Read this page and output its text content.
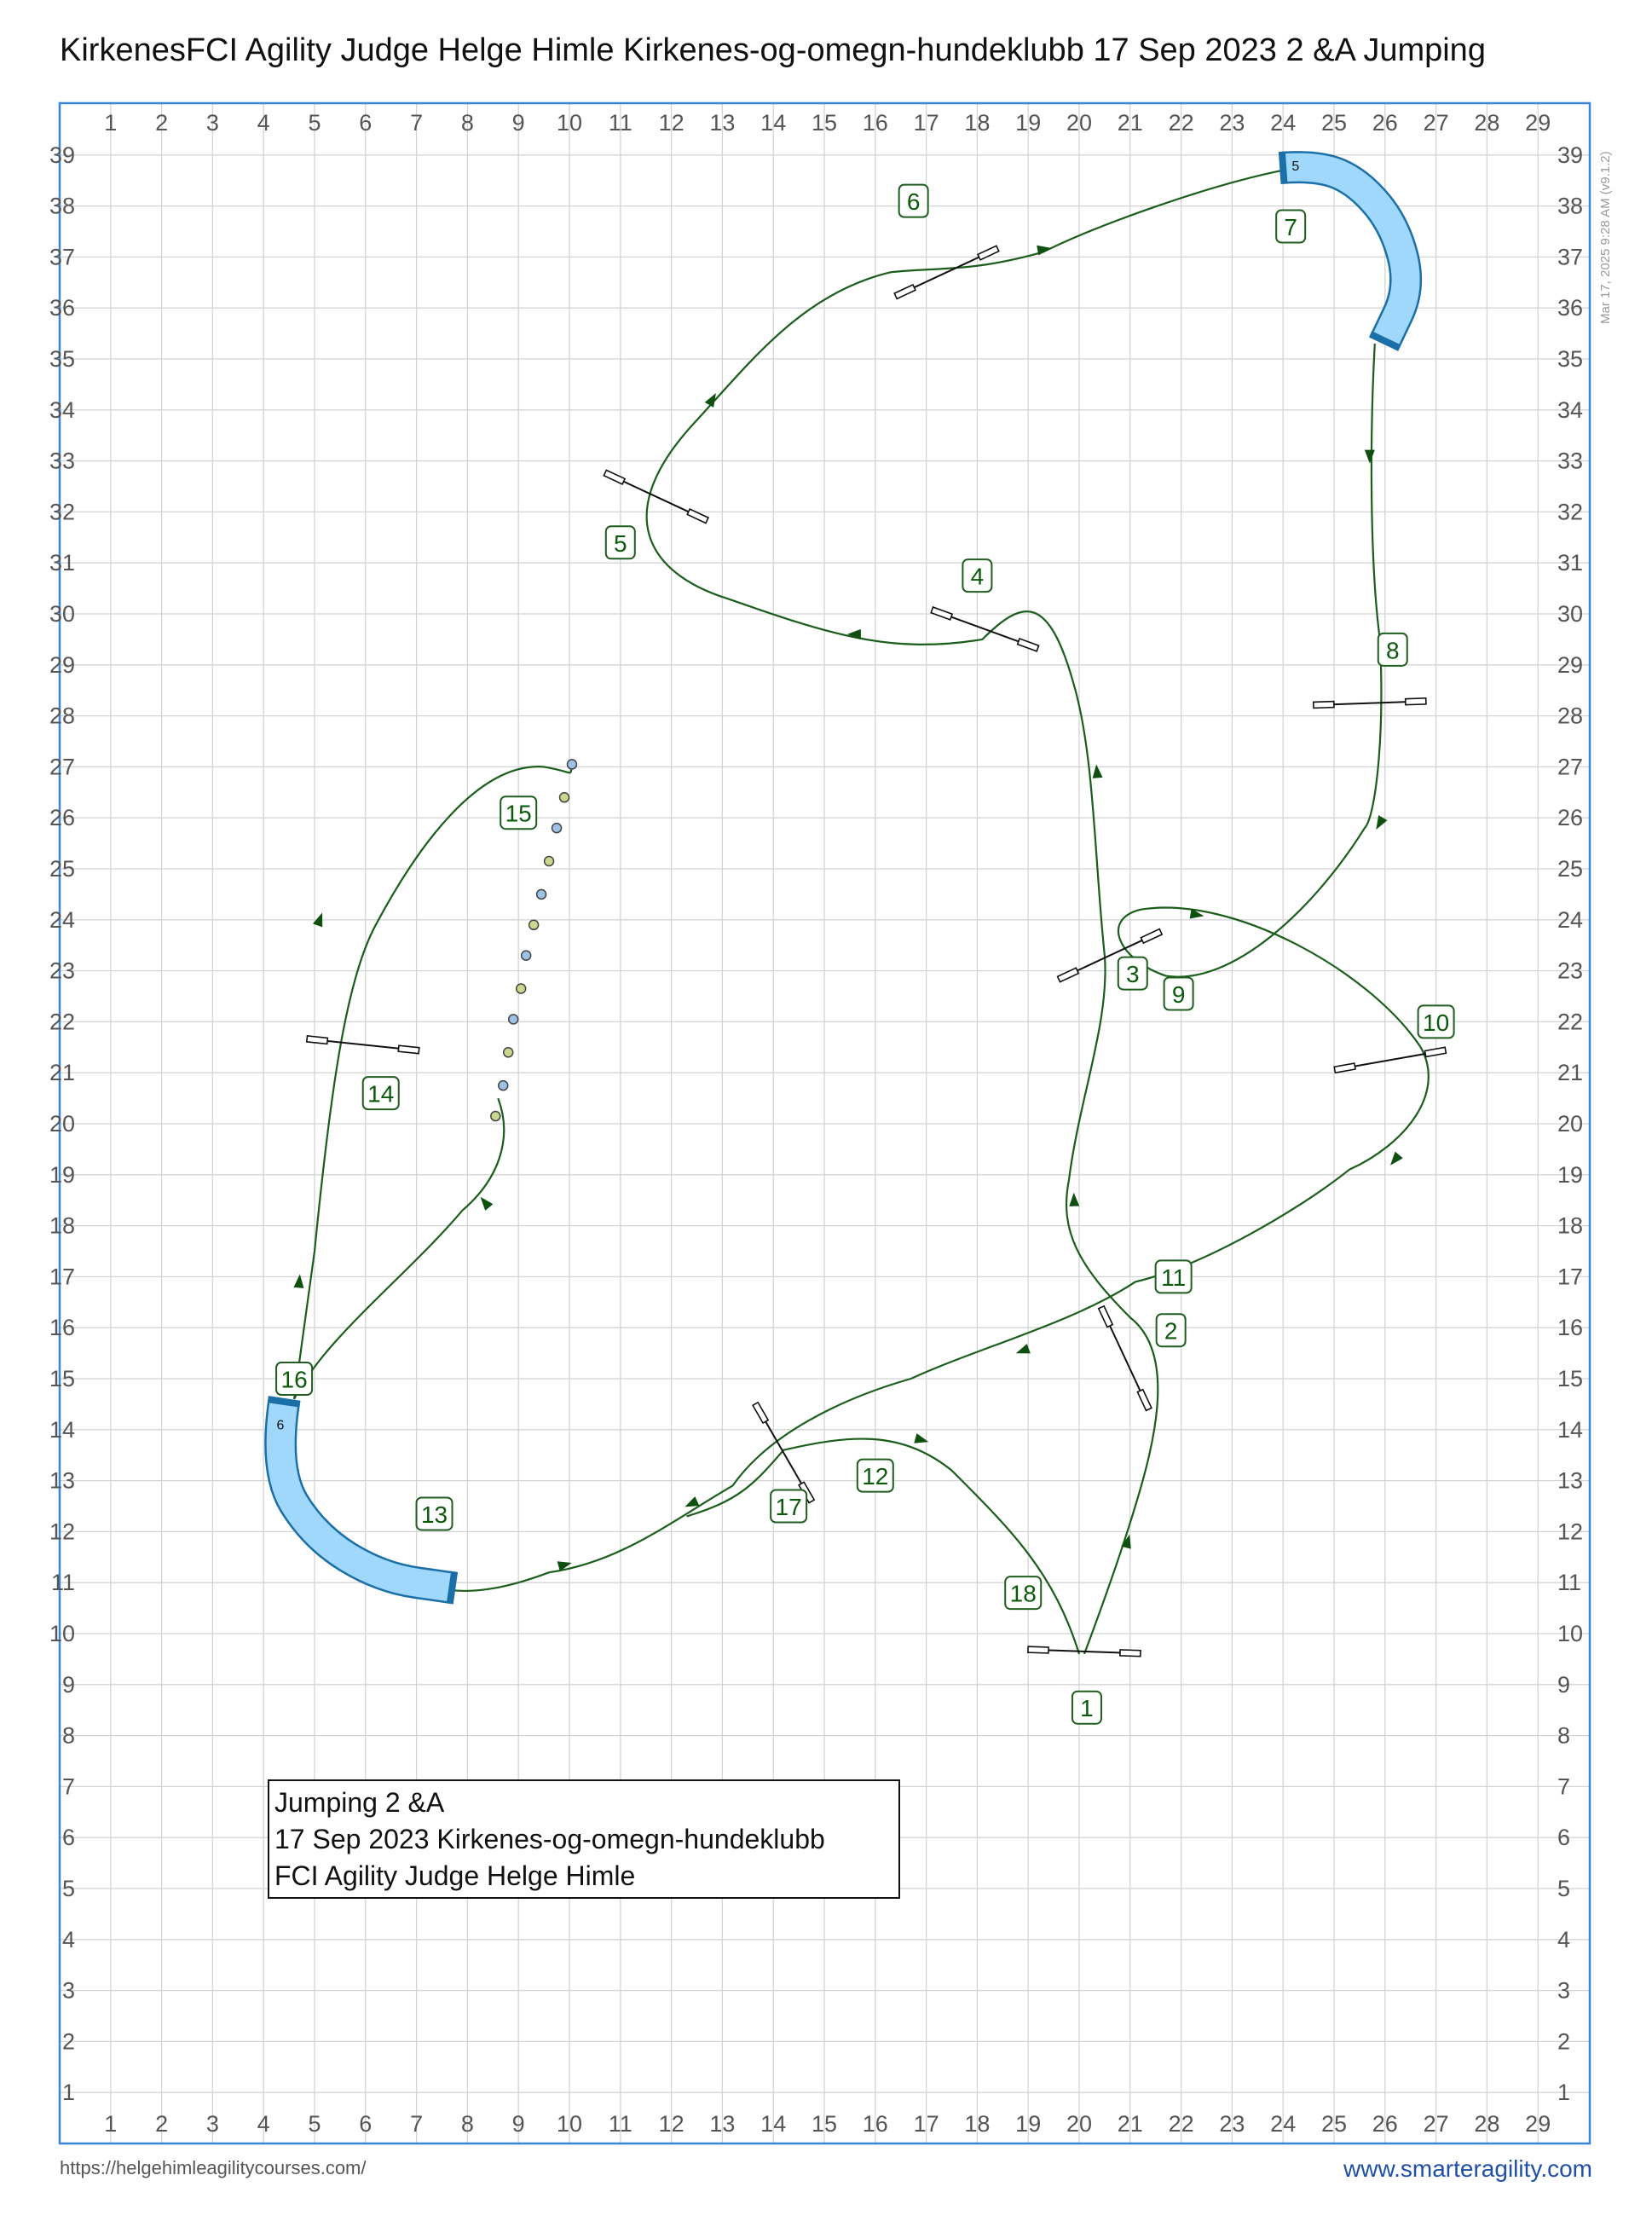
KirkenesFCI Agility Judge Helge Himle Kirkenes-og-omegn-hundeklubb 17 Sep 2023 2 &A Jumping
1
1
2
2
3
3
4
4
5
5
6
6
7
7
8
8
9
9
10
10
11
11
12
12
13
13
14
14
15
15
16
16
17
17
18
18
19
19
20
20
21
21
22
22
23
23
24
24
25
25
26
26
27
27
28
28
29
29
1	1
2	2
3	3
4	4
5	5
6	6
7	7
8	8
9	9
10	10
11	11
12	12
13	13
14	14
15	15
16	16
17	17
18	18
19	19
20	20
21	21
22	22
23	23
24	24
25	25
26	26
27	27
28	28
29	29
30	30
31	31
32	32
33	33
34	34
35	35
36	36
37	37
38	38
39	39
5
6
1
2
3
4
5
6
7
8
9
10
11
12
13
14
15
16
17
18
Mar 17, 2025 9:28 AM (v9.1.2)
Jumping 2 &A
17 Sep 2023 Kirkenes-og-omegn-hundeklubb
FCI Agility Judge Helge Himle
https://helgehimleagilitycourses.com/	www.smarteragility.com
